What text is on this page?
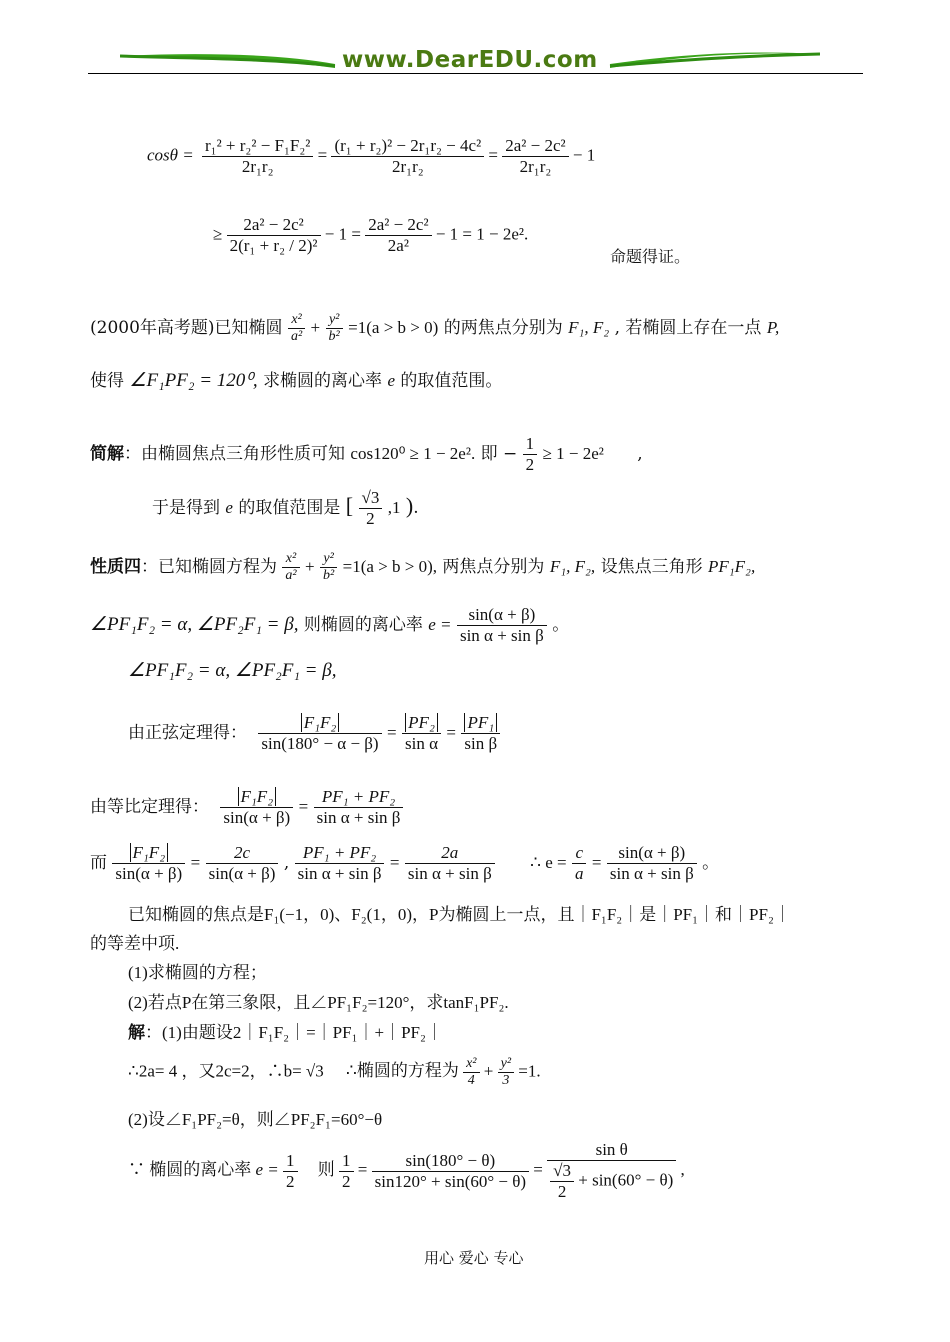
www.DearEDU.com
$\cos\theta = \frac{\text{r₁² + r₂² − F₁F₂²}}{\text{2r₁r₂}} = \frac{\text{(r₁ + r₂)² − 2r₁r₂ − 4c²}}{\text{2r₁r₂}} = \frac{\text{2a² − 2c²}}{\text{2r₁r₂}} - 1$
≥ $\frac{\text{2a² − 2c²}}{\text{2(r₁ + r₂ / 2)²}} - 1 = \frac{\text{2a² − 2c²}}{\text{2a²}} - 1 = 1 - 2e^2$.
命题得证。
(2000年高考题)已知椭圆 $\frac{\text{x²}}{\text{a²}} + \frac{\text{y²}}{\text{b²}} =1(a > b > 0)$ 的两焦点分别为 F₁, F₂ , 若椭圆上存在一点 P,
使得 ∠F₁PF₂ = 120⁰, 求椭圆的离心率 e 的取值范围。
简解：由椭圆焦点三角形性质可知 cos120⁰ ≥ 1 − 2e². 即 − $\frac{1}{2} \ge 1 - 2e^2$ ,
于是得到 e 的取值范围是 [ $\frac{√3}{2} ,1$ ).
性质四：已知椭圆方程为 $\frac{\text{x²}}{\text{a²}} + \frac{\text{y²}}{\text{b²}} =1(a > b > 0)$, 两焦点分别为 F₁, F₂, 设焦点三角形 PF₁F₂,
∠PF₁F₂ = α, ∠PF₂F₁ = β, 则椭圆的离心率 $e = \frac{\sin(\alpha + \beta)}{\text{sin α + sin β}}$ 。
∠PF₁F₂ = α, ∠PF₂F₁ = β,
由正弦定理得： $\frac{\text{F₁F₂}}{\sin(180^\circ - \alpha - \beta)} = \frac{\text{PF₂}}{\text{sin α}} = \frac{\text{PF₁}}{\text{sin β}}$
由等比定理得： $\frac{\text{F₁F₂}}{\sin(\alpha + \beta)} = \frac{\text{PF₁ + PF₂}}{\text{sin α + sin β}}$
而 $\frac{\text{F₁F₂}}{\sin(\alpha + \beta)} = \frac{2c}{\sin(\alpha + \beta)}$ , $\frac{\text{PF₁ + PF₂}}{\text{sin α + sin β}} = \frac{2a}{\text{sin α + sin β}}$ ∴ $e = \frac{c}{a} = \frac{\sin(\alpha + \beta)}{\text{sin α + sin β}}$ 。
已知椭圆的焦点是F₁(−1，0)、F₂(1，0)，P为椭圆上一点，且｜F₁F₂｜是｜PF₁｜和｜PF₂｜
的等差中项.
(1)求椭圆的方程；
(2)若点P在第三象限，且∠PF₁F₂=120°，求tanF₁PF₂.
解：(1)由题设2｜F₁F₂｜=｜PF₁｜+｜PF₂｜
∴2a= 4 ，又2c=2，∴b= √3 ∴椭圆的方程为 $\frac{\text{x²}}{4} + \frac{\text{y²}}{3} =1$.
(2)设∠F₁PF₂=θ，则∠PF₂F₁=60°−θ
∵ 椭圆的离心率 $e = \frac{1}{2}$ 则 $\frac{1}{2} = \frac{\sin(180^\circ - \theta)}{\sin 120^\circ + \sin(60^\circ - \theta)} = \frac{\text{sin θ}}{\frac{√3}{2} + \sin(60^\circ - \theta)}$ ,
用心 爱心 专心
